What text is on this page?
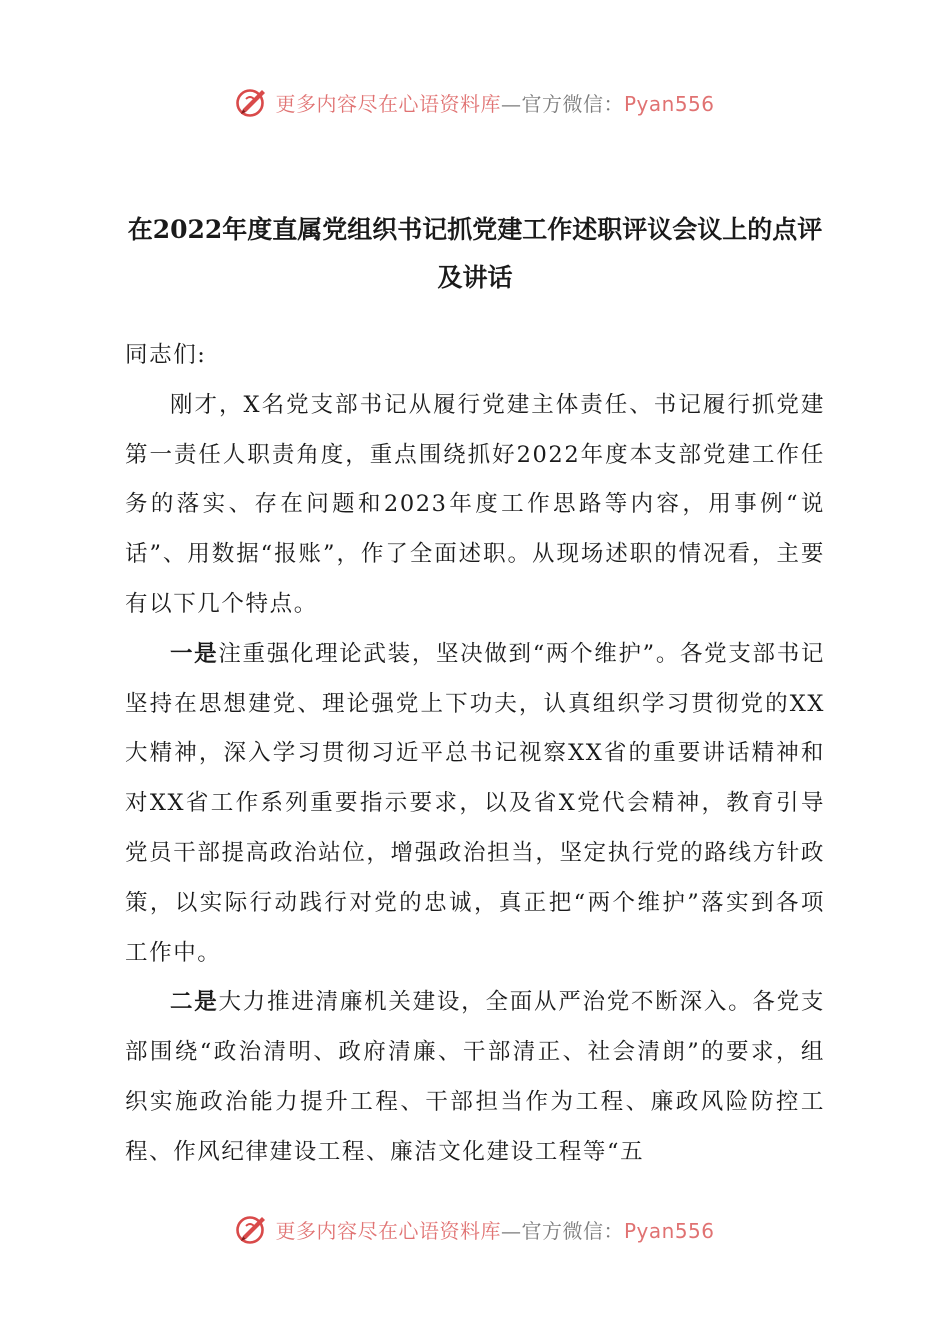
更多内容尽在心语资料库—官方微信：Pyan556
在2022年度直属党组织书记抓党建工作述职评议会议上的点评及讲话

同志们:

刚才，X名党支部书记从履行党建主体责任、书记履行抓党建第一责任人职责角度，重点围绕抓好2022年度本支部党建工作任务的落实、存在问题和2023年度工作思路等内容，用事例“说话”、用数据“报账”，作了全面述职。从现场述职的情况看，主要有以下几个特点。

一是注重强化理论武装，坚决做到“两个维护”。各党支部书记坚持在思想建党、理论强党上下功夫，认真组织学习贯彻党的XX大精神，深入学习贯彻习近平总书记视察XX省的重要讲话精神和对XX省工作系列重要指示要求，以及省X党代会精神，教育引导党员干部提高政治站位，增强政治担当，坚定执行党的路线方针政策，以实际行动践行对党的忠诚，真正把“两个维护”落实到各项工作中。

二是大力推进清廉机关建设，全面从严治党不断深入。各党支部围绕“政治清明、政府清廉、干部清正、社会清朗”的要求，组织实施政治能力提升工程、干部担当作为工程、廉政风险防控工程、作风纪律建设工程、廉洁文化建设工程等“五

更多内容尽在心语资料库—官方微信：Pyan556
